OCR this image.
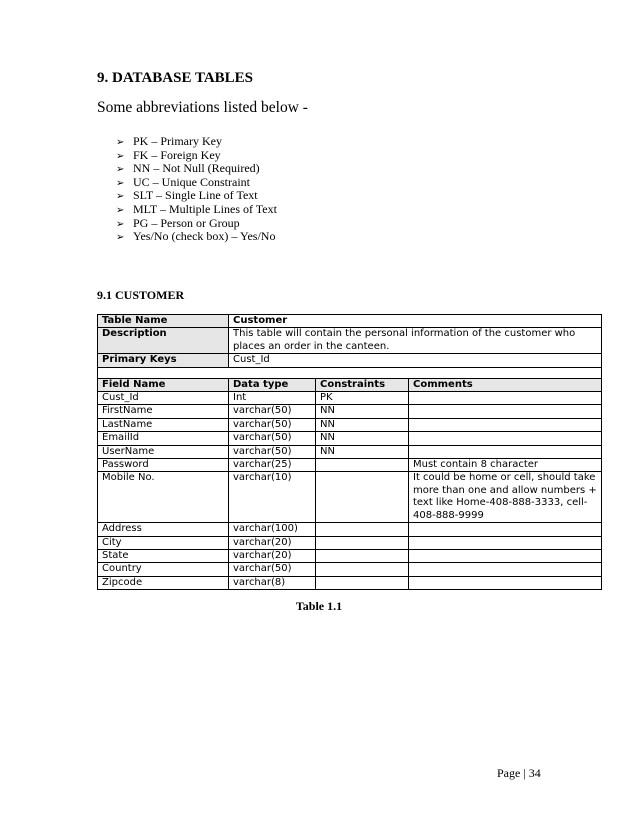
9. DATABASE TABLES
Some abbreviations listed below -
➢ PK – Primary Key
➢ FK – Foreign Key
➢ NN – Not Null (Required)
➢ UC – Unique Constraint
➢ SLT – Single Line of Text
➢ MLT – Multiple Lines of Text
➢ PG – Person or Group
➢ Yes/No (check box) – Yes/No
9.1 CUSTOMER
Table Name	Customer		
Description	This table will contain the personal information of the customer who places an order in the canteen.		
Primary Keys	Cust_Id		

Field Name	Data type	Constraints	Comments
Cust_Id	Int	PK	
FirstName	varchar(50)	NN	
LastName	varchar(50)	NN	
EmailId	varchar(50)	NN	
UserName	varchar(50)	NN	
Password	varchar(25)		Must contain 8 character
Mobile No.	varchar(10)		It could be home or cell, should take more than one and allow numbers + text like Home-408-888-3333, cell-408-888-9999
Address	varchar(100)		
City	varchar(20)		
State	varchar(20)		
Country	varchar(50)		
Zipcode	varchar(8)		
Table 1.1
Page | 34
